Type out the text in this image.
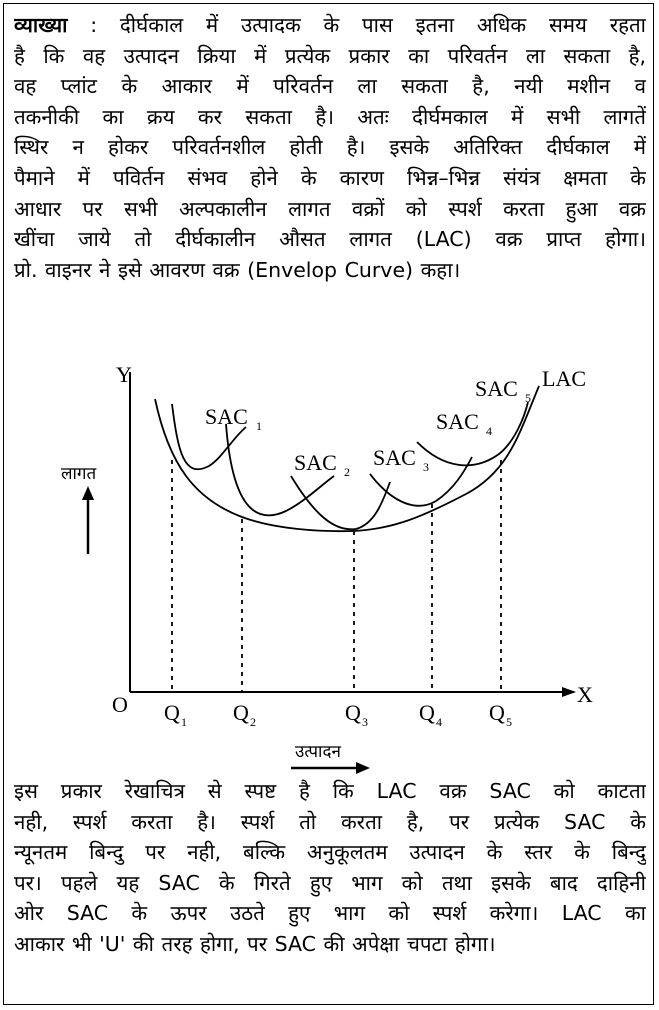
व्याख्या : दीर्घकाल में उत्पादक के पास इतना अधिक समय रहता
है कि वह उत्पादन क्रिया में प्रत्येक प्रकार का परिवर्तन ला सकता है,
वह प्लांट के आकार में परिवर्तन ला सकता है, नयी मशीन व
तकनीकी का क्रय कर सकता है। अतः दीर्घमकाल में सभी लागतें
स्थिर न होकर परिवर्तनशील होती है। इसके अतिरिक्त दीर्घकाल में
पैमाने में पविर्तन संभव होने के कारण भिन्न–भिन्न संयंत्र क्षमता के
आधार पर सभी अल्पकालीन लागत वक्रों को स्पर्श करता हुआ वक्र
खींचा जाये तो दीर्घकालीन औसत लागत (LAC) वक्र प्राप्त होगा।
प्रो. वाइनर ने इसे आवरण वक्र (Envelop Curve) कहा।
Y
X
O
लागत
उत्पादन
LAC
SAC 1
SAC 2
SAC 3
SAC 4
SAC 5
Q 1 Q 2	Q 3 Q 4 Q 5
इस प्रकार रेखाचित्र से स्पष्ट है कि LAC वक्र SAC को काटता
नही, स्पर्श करता है। स्पर्श तो करता है, पर प्रत्येक SAC के
न्यूनतम बिन्दु पर नही, बल्कि अनुकूलतम उत्पादन के स्तर के बिन्दु
पर। पहले यह SAC के गिरते हुए भाग को तथा इसके बाद दाहिनी
ओर SAC के ऊपर उठते हुए भाग को स्पर्श करेगा। LAC का
आकार भी 'U' की तरह होगा, पर SAC की अपेक्षा चपटा होगा।
